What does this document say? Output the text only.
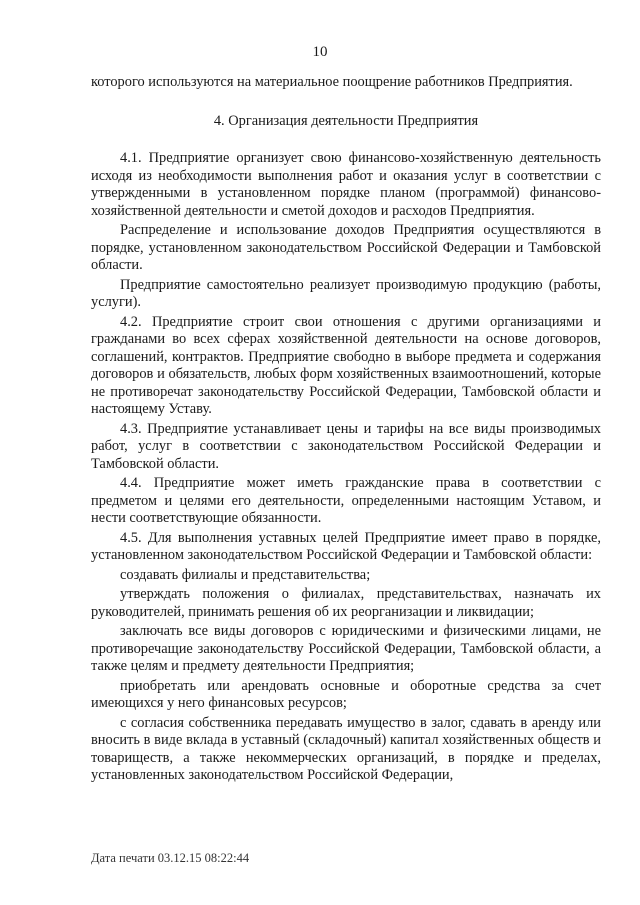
10

которого используются на материальное поощрение работников Предприятия.

4. Организация деятельности Предприятия

4.1. Предприятие организует свою финансово-хозяйственную деятельность исходя из необходимости выполнения работ и оказания услуг в соответствии с утвержденными в установленном порядке планом (программой) финансово-хозяйственной деятельности и сметой доходов и расходов Предприятия.

Распределение и использование доходов Предприятия осуществляются в порядке, установленном законодательством Российской Федерации и Тамбовской области.

Предприятие самостоятельно реализует производимую продукцию (работы, услуги).

4.2. Предприятие строит свои отношения с другими организациями и гражданами во всех сферах хозяйственной деятельности на основе договоров, соглашений, контрактов. Предприятие свободно в выборе предмета и содержания договоров и обязательств, любых форм хозяйственных взаимоотношений, которые не противоречат законодательству Российской Федерации, Тамбовской области и настоящему Уставу.

4.3. Предприятие устанавливает цены и тарифы на все виды производимых работ, услуг в соответствии с законодательством Российской Федерации и Тамбовской области.

4.4. Предприятие может иметь гражданские права в соответствии с предметом и целями его деятельности, определенными настоящим Уставом, и нести соответствующие обязанности.

4.5. Для выполнения уставных целей Предприятие имеет право в порядке, установленном законодательством Российской Федерации и Тамбовской области:

создавать филиалы и представительства;

утверждать положения о филиалах, представительствах, назначать их руководителей, принимать решения об их реорганизации и ликвидации;

заключать все виды договоров с юридическими и физическими лицами, не противоречащие законодательству Российской Федерации, Тамбовской области, а также целям и предмету деятельности Предприятия;

приобретать или арендовать основные и оборотные средства за счет имеющихся у него финансовых ресурсов;

с согласия собственника передавать имущество в залог, сдавать в аренду или вносить в виде вклада в уставный (складочный) капитал хозяйственных обществ и товариществ, а также некоммерческих организаций, в порядке и пределах, установленных законодательством Российской Федерации,

Дата печати 03.12.15 08:22:44
